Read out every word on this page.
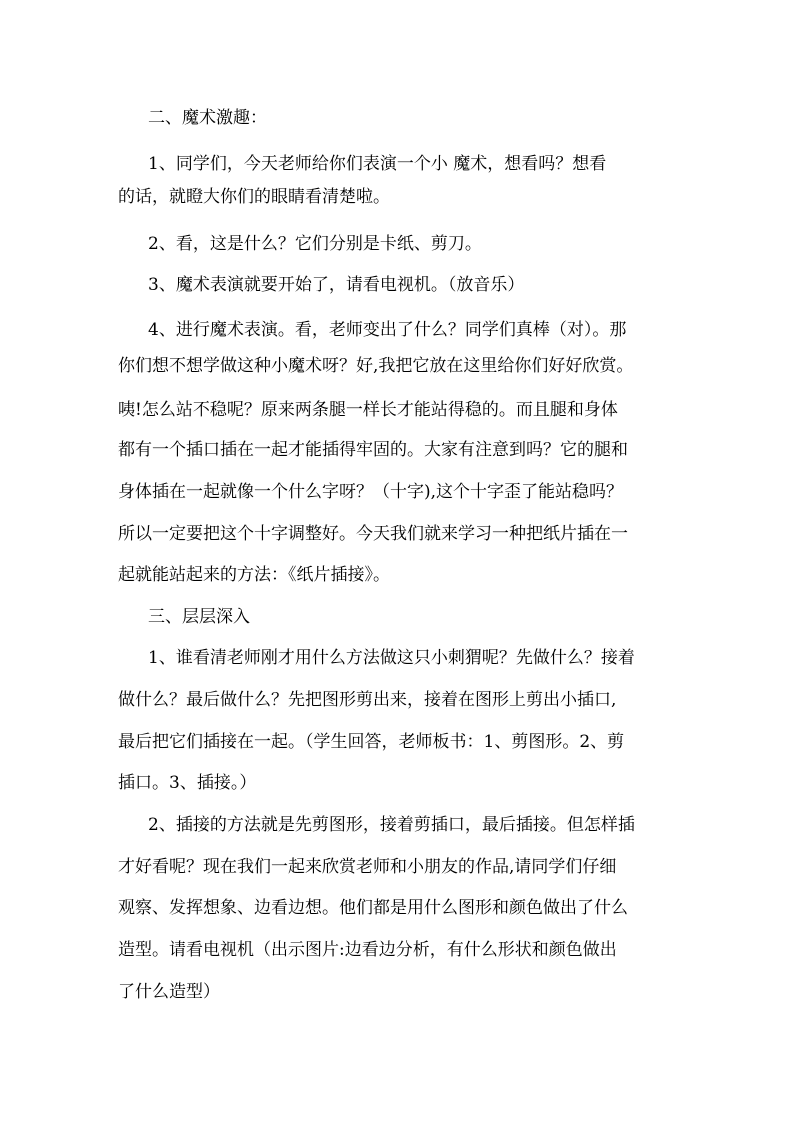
二、魔术激趣：
1、同学们，今天老师给你们表演一个小 魔术，想看吗？想看
的话，就瞪大你们的眼睛看清楚啦。
2、看，这是什么？它们分别是卡纸、剪刀。
3、魔术表演就要开始了，请看电视机。（放音乐）
4、进行魔术表演。看，老师变出了什么？同学们真棒（对）。那
你们想不想学做这种小魔术呀？好,我把它放在这里给你们好好欣赏。
咦!怎么站不稳呢？原来两条腿一样长才能站得稳的。而且腿和身体
都有一个插口插在一起才能插得牢固的。大家有注意到吗？它的腿和
身体插在一起就像一个什么字呀？（十字),这个十字歪了能站稳吗？
所以一定要把这个十字调整好。今天我们就来学习一种把纸片插在一
起就能站起来的方法：《纸片插接》。
三、层层深入
1、谁看清老师刚才用什么方法做这只小刺猬呢？先做什么？接着
做什么？最后做什么？先把图形剪出来，接着在图形上剪出小插口,
最后把它们插接在一起。（学生回答，老师板书：1、剪图形。2、剪
插口。3、插接。）
2、插接的方法就是先剪图形，接着剪插口，最后插接。但怎样插
才好看呢？现在我们一起来欣赏老师和小朋友的作品,请同学们仔细
观察、发挥想象、边看边想。他们都是用什么图形和颜色做出了什么
造型。请看电视机（出示图片:边看边分析，有什么形状和颜色做出
了什么造型）
